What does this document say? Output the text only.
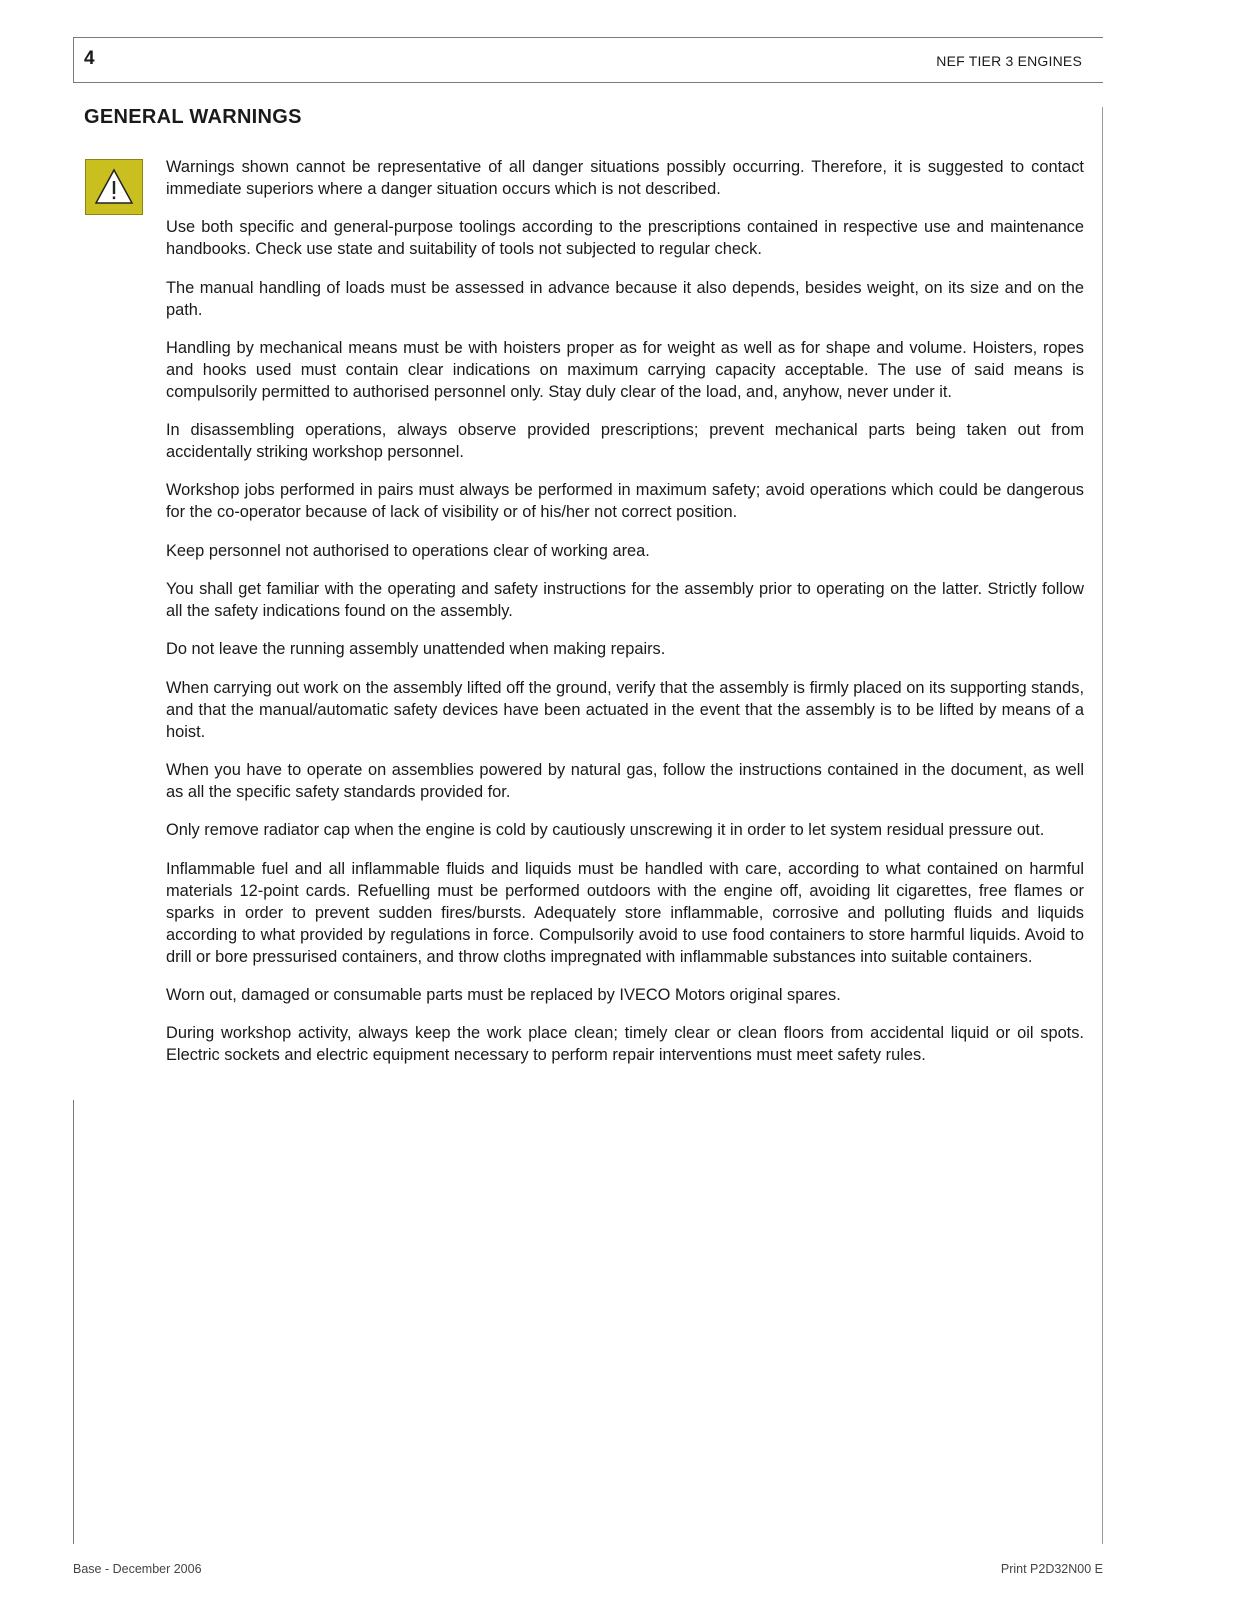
4	NEF TIER 3 ENGINES
GENERAL WARNINGS

Warnings shown cannot be representative of all danger situations possibly occurring. Therefore, it is suggested to contact immediate superiors where a danger situation occurs which is not described.

Use both specific and general-purpose toolings according to the prescriptions contained in respective use and maintenance handbooks. Check use state and suitability of tools not subjected to regular check.

The manual handling of loads must be assessed in advance because it also depends, besides weight, on its size and on the path.

Handling by mechanical means must be with hoisters proper as for weight as well as for shape and volume. Hoisters, ropes and hooks used must contain clear indications on maximum carrying capacity acceptable. The use of said means is compulsorily permitted to authorised personnel only. Stay duly clear of the load, and, anyhow, never under it.

In disassembling operations, always observe provided prescriptions; prevent mechanical parts being taken out from accidentally striking workshop personnel.

Workshop jobs performed in pairs must always be performed in maximum safety; avoid operations which could be dangerous for the co-operator because of lack of visibility or of his/her not correct position.

Keep personnel not authorised to operations clear of working area.

You shall get familiar with the operating and safety instructions for the assembly prior to operating on the latter. Strictly follow all the safety indications found on the assembly.

Do not leave the running assembly unattended when making repairs.

When carrying out work on the assembly lifted off the ground, verify that the assembly is firmly placed on its supporting stands, and that the manual/automatic safety devices have been actuated in the event that the assembly is to be lifted by means of a hoist.

When you have to operate on assemblies powered by natural gas, follow the instructions contained in the document, as well as all the specific safety standards provided for.

Only remove radiator cap when the engine is cold by cautiously unscrewing it in order to let system residual pressure out.

Inflammable fuel and all inflammable fluids and liquids must be handled with care, according to what contained on harmful materials 12-point cards. Refuelling must be performed outdoors with the engine off, avoiding lit cigarettes, free flames or sparks in order to prevent sudden fires/bursts. Adequately store inflammable, corrosive and polluting fluids and liquids according to what provided by regulations in force. Compulsorily avoid to use food containers to store harmful liquids. Avoid to drill or bore pressurised containers, and throw cloths impregnated with inflammable substances into suitable containers.

Worn out, damaged or consumable parts must be replaced by IVECO Motors original spares.

During workshop activity, always keep the work place clean; timely clear or clean floors from accidental liquid or oil spots. Electric sockets and electric equipment necessary to perform repair interventions must meet safety rules.

Base - December 2006	Print P2D32N00 E
